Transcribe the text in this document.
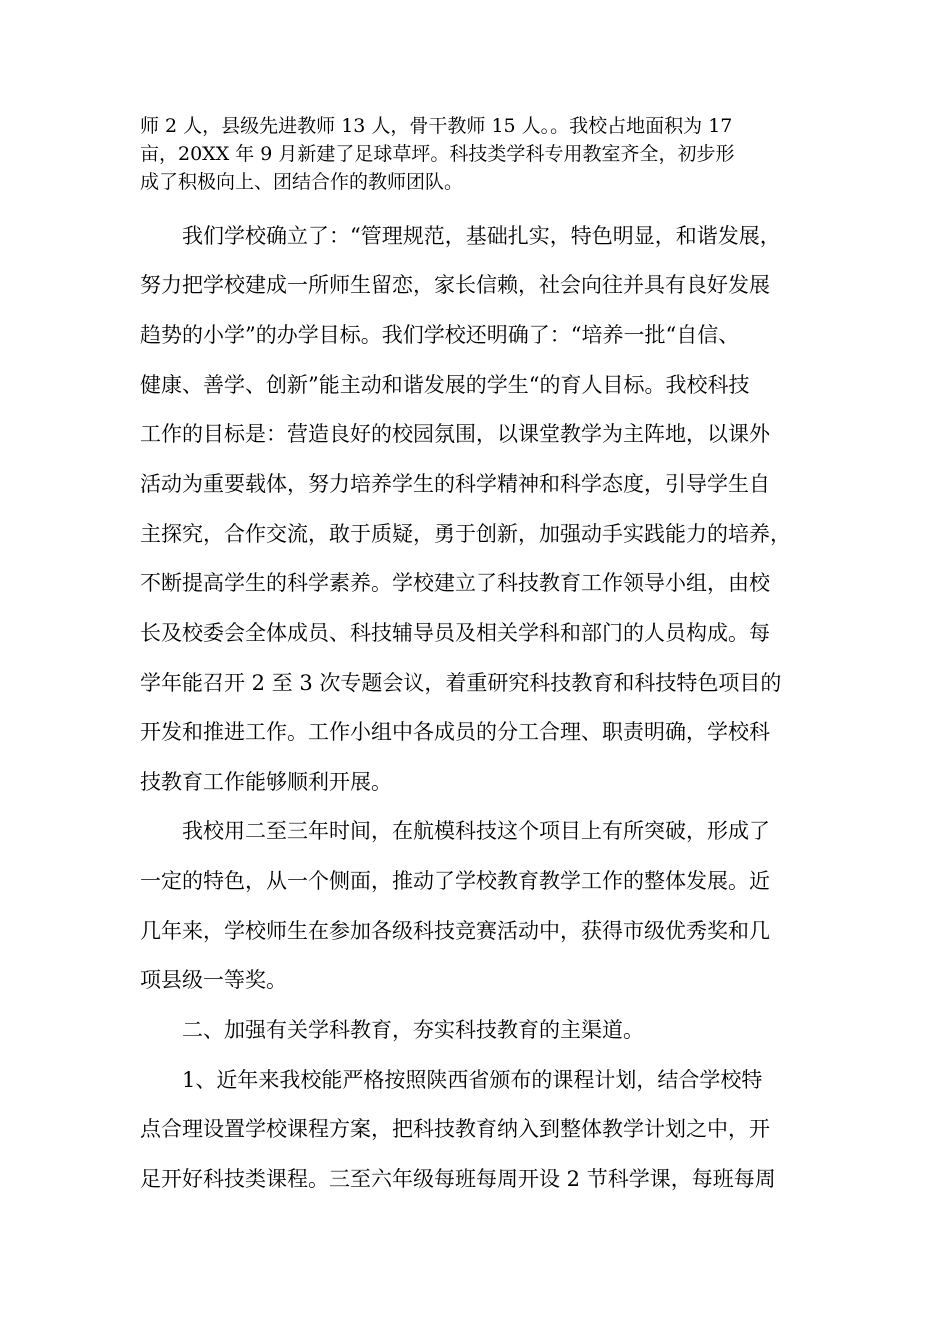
师 2 人，县级先进教师 13 人，骨干教师 15 人。。我校占地面积为 17
亩，20XX 年 9 月新建了足球草坪。科技类学科专用教室齐全，初步形
成了积极向上、团结合作的教师团队。
　　我们学校确立了：“管理规范，基础扎实，特色明显，和谐发展，
努力把学校建成一所师生留恋，家长信赖，社会向往并具有良好发展
趋势的小学”的办学目标。我们学校还明确了：“培养一批“自信、
健康、善学、创新”能主动和谐发展的学生“的育人目标。我校科技
工作的目标是：营造良好的校园氛围，以课堂教学为主阵地，以课外
活动为重要载体，努力培养学生的科学精神和科学态度，引导学生自
主探究，合作交流，敢于质疑，勇于创新，加强动手实践能力的培养，
不断提高学生的科学素养。学校建立了科技教育工作领导小组，由校
长及校委会全体成员、科技辅导员及相关学科和部门的人员构成。每
学年能召开 2 至 3 次专题会议，着重研究科技教育和科技特色项目的
开发和推进工作。工作小组中各成员的分工合理、职责明确，学校科
技教育工作能够顺利开展。
　　我校用二至三年时间，在航模科技这个项目上有所突破，形成了
一定的特色，从一个侧面，推动了学校教育教学工作的整体发展。近
几年来，学校师生在参加各级科技竞赛活动中，获得市级优秀奖和几
项县级一等奖。
　　二、加强有关学科教育，夯实科技教育的主渠道。
　　1、近年来我校能严格按照陕西省颁布的课程计划，结合学校特
点合理设置学校课程方案，把科技教育纳入到整体教学计划之中，开
足开好科技类课程。三至六年级每班每周开设 2 节科学课，每班每周
